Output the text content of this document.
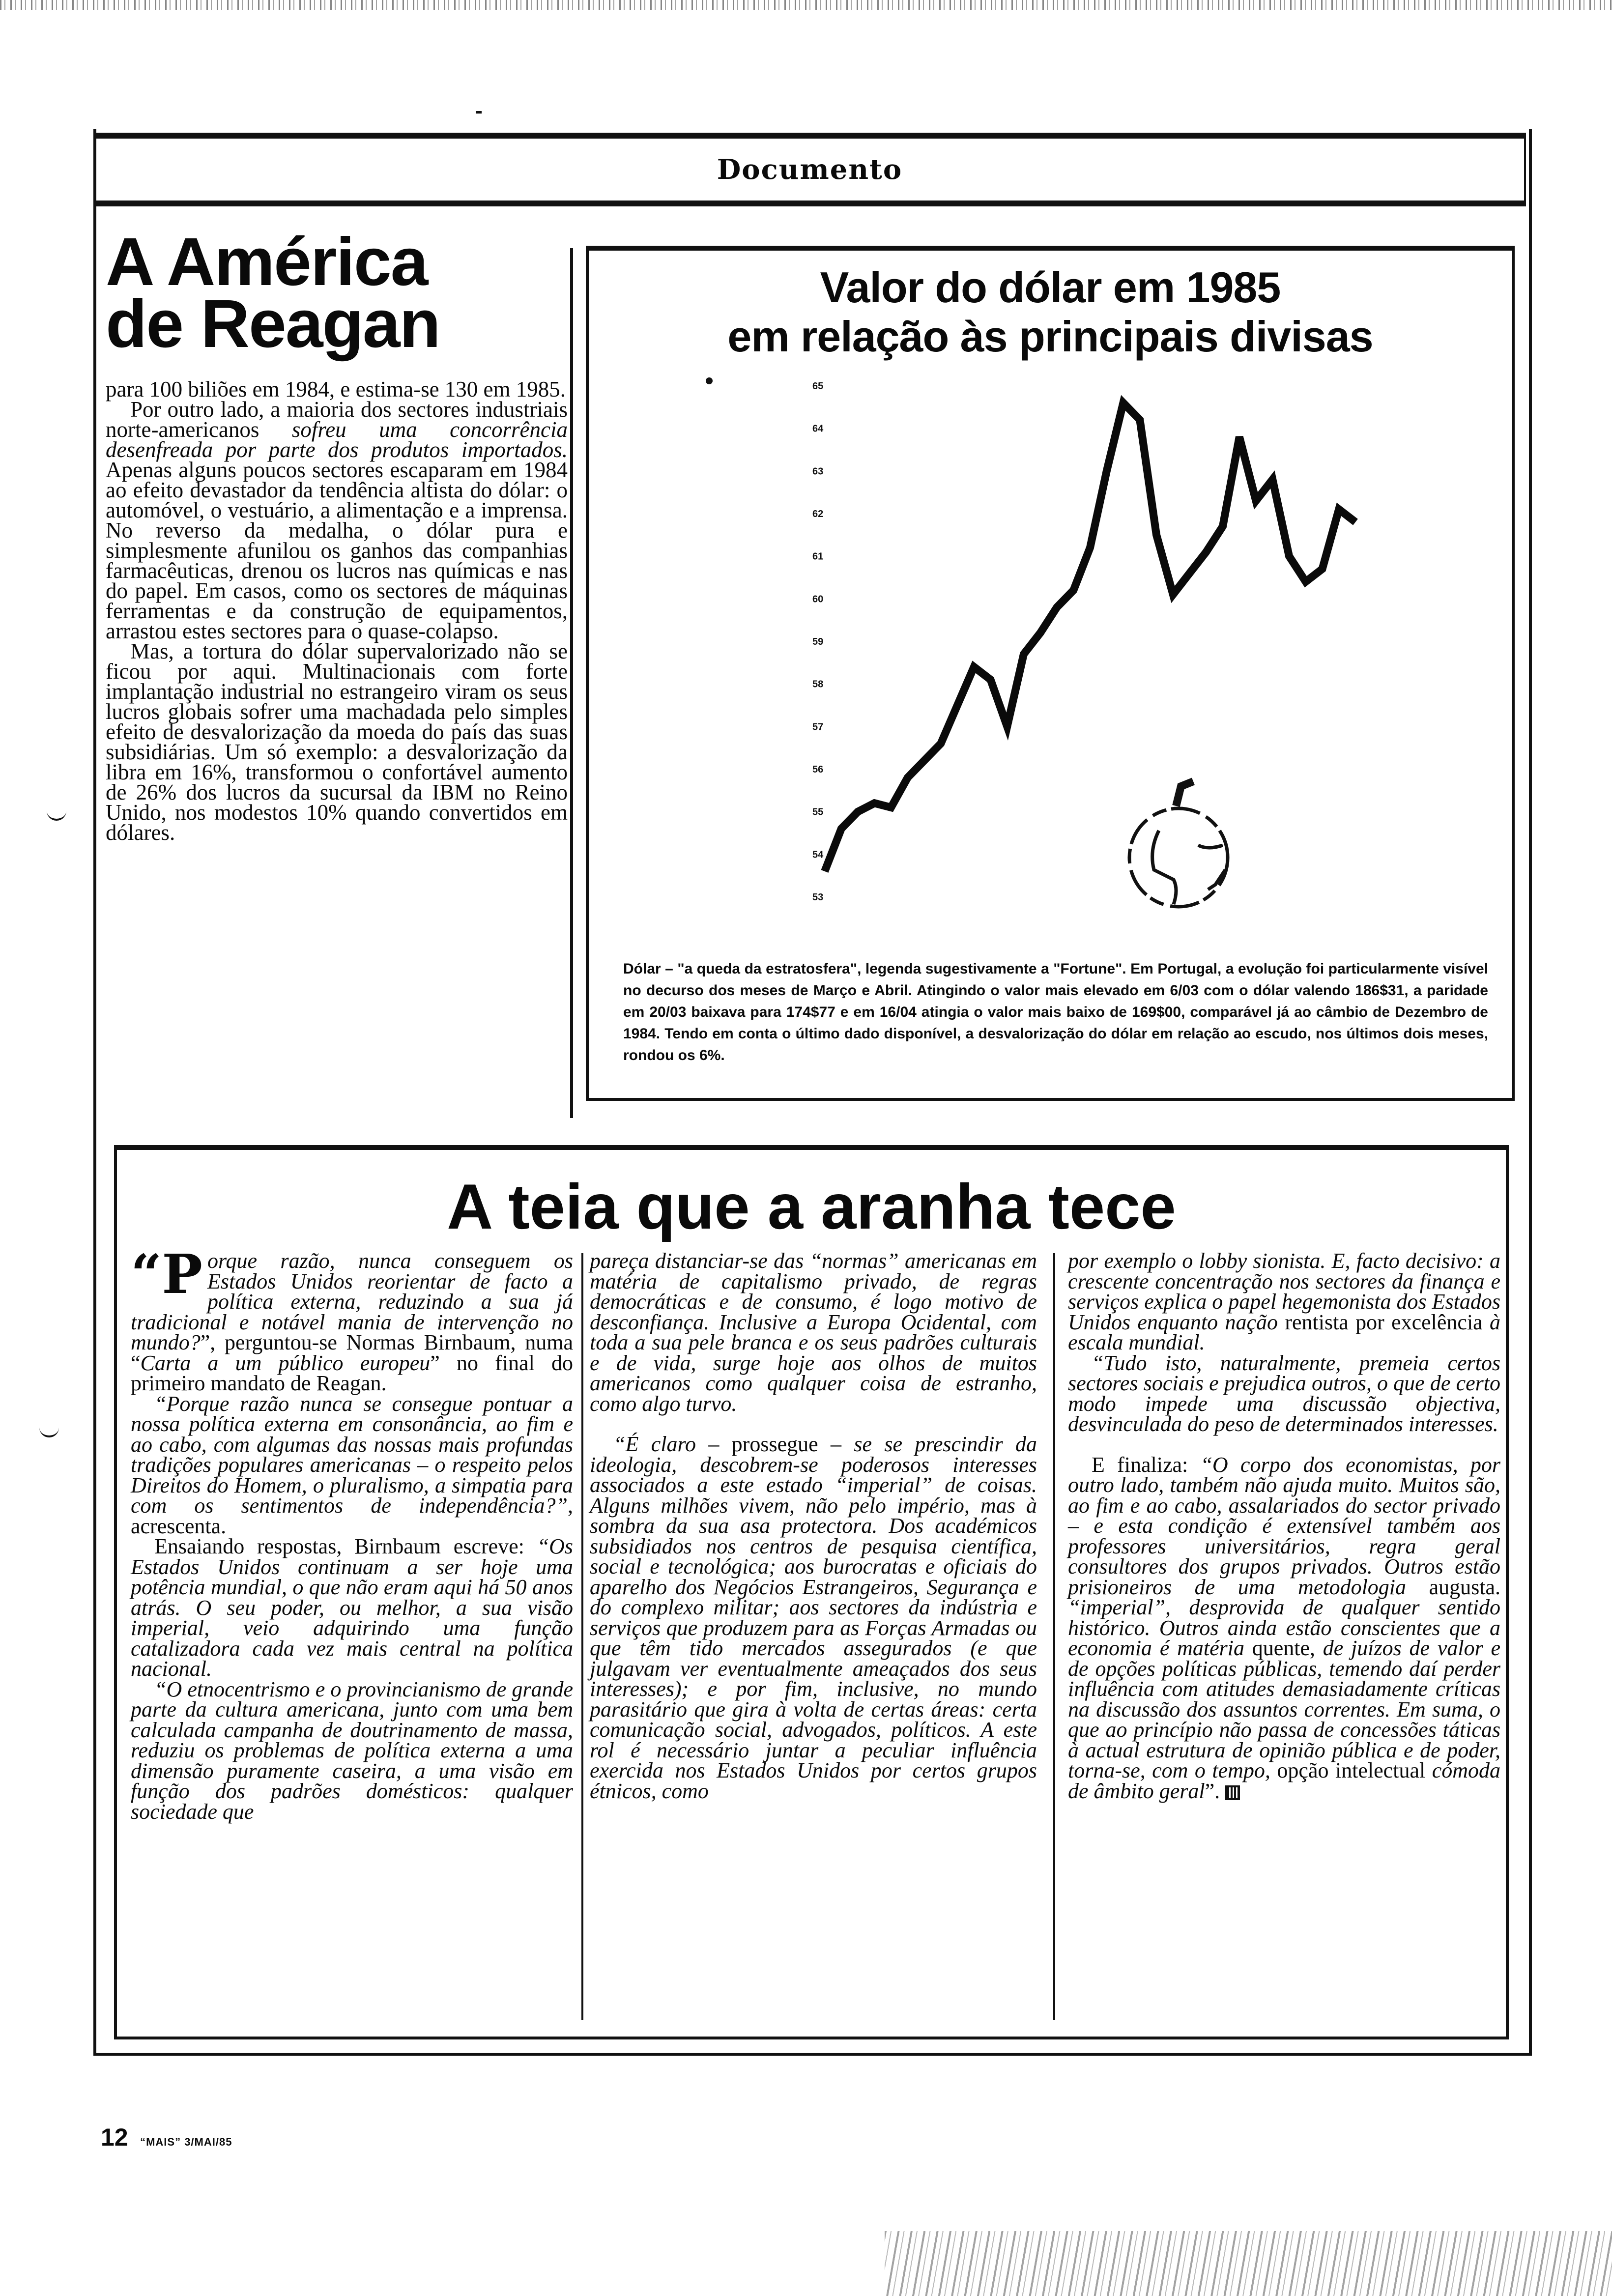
Documento
A América
de Reagan

para 100 biliões em 1984, e estima-se 130 em 1985.

Por outro lado, a maioria dos sectores industriais norte-americanos sofreu uma concorrência desenfreada por parte dos produtos importados. Apenas alguns poucos sectores escaparam em 1984 ao efeito devastador da tendência altista do dólar: o automóvel, o vestuário, a alimentação e a imprensa. No reverso da medalha, o dólar pura e simplesmente afunilou os ganhos das companhias farmacêuticas, drenou os lucros nas químicas e nas do papel. Em casos, como os sectores de máquinas ferramentas e da construção de equipamentos, arrastou estes sectores para o quase-colapso.

Mas, a tortura do dólar supervalorizado não se ficou por aqui. Multinacionais com forte implantação industrial no estrangeiro viram os seus lucros globais sofrer uma machadada pelo simples efeito de desvalorização da moeda do país das suas subsidiárias. Um só exemplo: a desvalorização da libra em 16%, transformou o confortável aumento de 26% dos lucros da sucursal da IBM no Reino Unido, nos modestos 10% quando convertidos em dólares.

Valor do dólar em 1985
em relação às principais divisas
53
54
55
56
57
58
59
60
61
62
63
64
65
Dólar – "a queda da estratosfera", legenda sugestivamente a "Fortune". Em Portugal, a evolução foi particularmente visível no decurso dos meses de Março e Abril. Atingindo o valor mais elevado em 6/03 com o dólar valendo 186$31, a paridade em 20/03 baixava para 174$77 e em 16/04 atingia o valor mais baixo de 169$00, comparável já ao câmbio de Dezembro de 1984. Tendo em conta o último dado disponível, a desvalorização do dólar em relação ao escudo, nos últimos dois meses, rondou os 6%.
A teia que a aranha tece

“P orque razão, nunca conseguem os Estados Unidos reorientar de facto a política externa, reduzindo a sua já tradicional e notável mania de intervenção no mundo?”, perguntou-se Normas Birnbaum, numa “Carta a um público europeu” no final do primeiro mandato de Reagan.

“Porque razão nunca se consegue pontuar a nossa política externa em consonância, ao fim e ao cabo, com algumas das nossas mais profundas tradições populares americanas – o respeito pelos Direitos do Homem, o pluralismo, a simpatia para com os sentimentos de independência?”, acrescenta.

Ensaiando respostas, Birnbaum escreve: “Os Estados Unidos continuam a ser hoje uma potência mundial, o que não eram aqui há 50 anos atrás. O seu poder, ou melhor, a sua visão imperial, veio adquirindo uma função catalizadora cada vez mais central na política nacional.

“O etnocentrismo e o provincianismo de grande parte da cultura americana, junto com uma bem calculada campanha de doutrinamento de massa, reduziu os problemas de política externa a uma dimensão puramente caseira, a uma visão em função dos padrões domésticos: qualquer sociedade que

pareça distanciar-se das “normas” americanas em matéria de capitalismo privado, de regras democráticas e de consumo, é logo motivo de desconfiança. Inclusive a Europa Ocidental, com toda a sua pele branca e os seus padrões culturais e de vida, surge hoje aos olhos de muitos americanos como qualquer coisa de estranho, como algo turvo.

“É claro – prossegue – se se prescindir da ideologia, descobrem-se poderosos interesses associados a este estado “imperial” de coisas. Alguns milhões vivem, não pelo império, mas à sombra da sua asa protectora. Dos académicos subsidiados nos centros de pesquisa científica, social e tecnológica; aos burocratas e oficiais do aparelho dos Negócios Estrangeiros, Segurança e do complexo militar; aos sectores da indústria e serviços que produzem para as Forças Armadas ou que têm tido mercados assegurados (e que julgavam ver eventualmente ameaçados dos seus interesses); e por fim, inclusive, no mundo parasitário que gira à volta de certas áreas: certa comunicação social, advogados, políticos. A este rol é necessário juntar a peculiar influência exercida nos Estados Unidos por certos grupos étnicos, como

por exemplo o lobby sionista. E, facto decisivo: a crescente concentração nos sectores da finança e serviços explica o papel hegemonista dos Estados Unidos enquanto nação rentista por excelência à escala mundial.

“Tudo isto, naturalmente, premeia certos sectores sociais e prejudica outros, o que de certo modo impede uma discussão objectiva, desvinculada do peso de determinados interesses.

E finaliza: “O corpo dos economistas, por outro lado, também não ajuda muito. Muitos são, ao fim e ao cabo, assalariados do sector privado – e esta condição é extensível também aos professores universitários, regra geral consultores dos grupos privados. Outros estão prisioneiros de uma metodologia augusta. “imperial”, desprovida de qualquer sentido histórico. Outros ainda estão conscientes que a economia é matéria quente, de juízos de valor e de opções políticas públicas, temendo daí perder influência com atitudes demasiadamente críticas na discussão dos assuntos correntes. Em suma, o que ao princípio não passa de concessões táticas à actual estrutura de opinião pública e de poder, torna-se, com o tempo, opção intelectual cómoda de âmbito geral”.

12 “MAIS” 3/MAI/85
